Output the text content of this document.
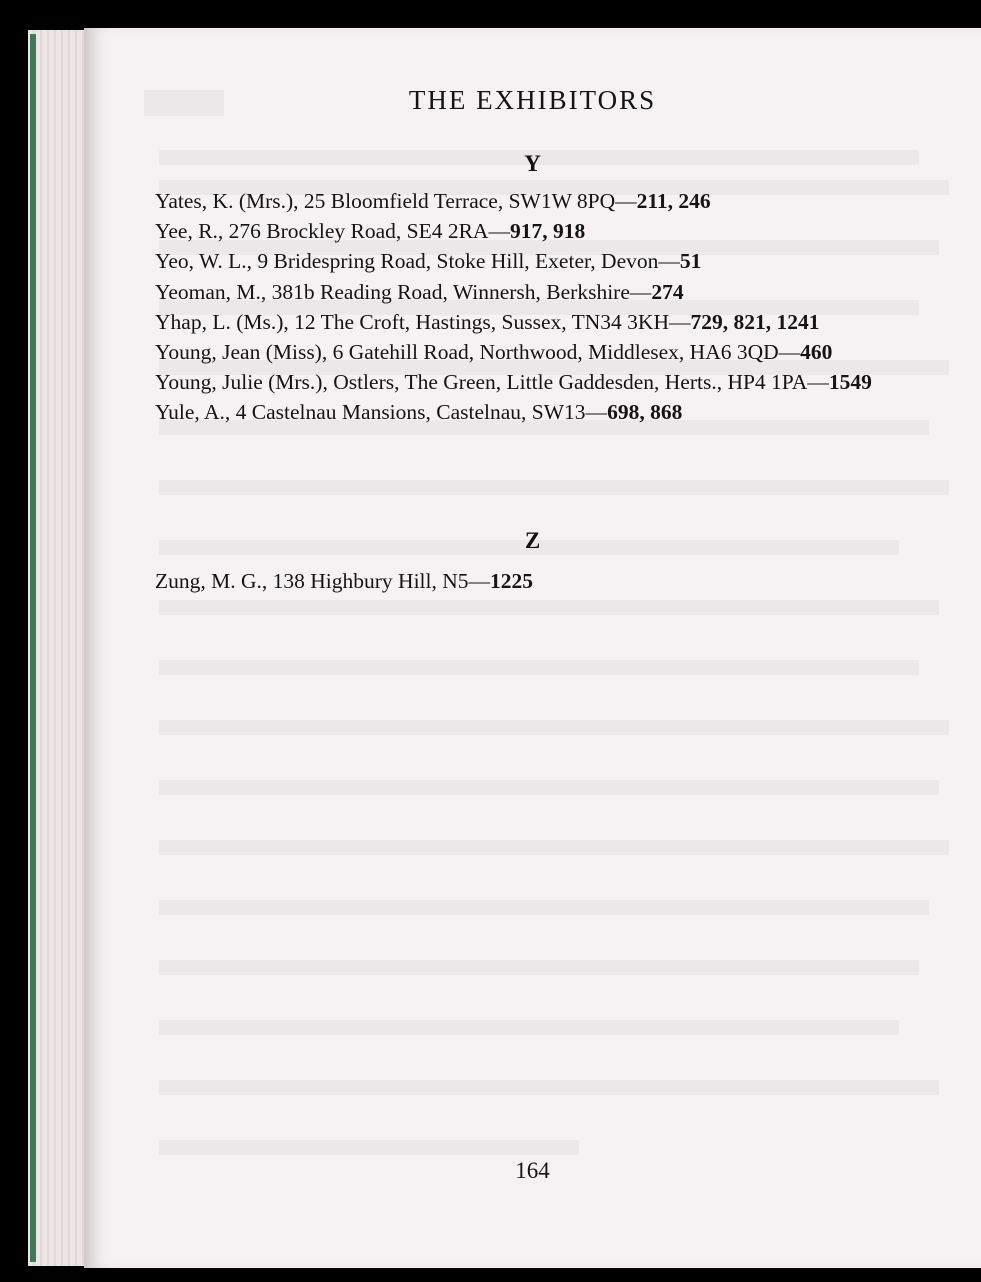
THE EXHIBITORS
Y
Yates, K. (Mrs.), 25 Bloomfield Terrace, SW1W 8PQ—211, 246
Yee, R., 276 Brockley Road, SE4 2RA—917, 918
Yeo, W. L., 9 Bridespring Road, Stoke Hill, Exeter, Devon—51
Yeoman, M., 381b Reading Road, Winnersh, Berkshire—274
Yhap, L. (Ms.), 12 The Croft, Hastings, Sussex, TN34 3KH—729, 821, 1241
Young, Jean (Miss), 6 Gatehill Road, Northwood, Middlesex, HA6 3QD—460
Young, Julie (Mrs.), Ostlers, The Green, Little Gaddesden, Herts., HP4 1PA—1549
Yule, A., 4 Castelnau Mansions, Castelnau, SW13—698, 868
Z
Zung, M. G., 138 Highbury Hill, N5—1225
164
